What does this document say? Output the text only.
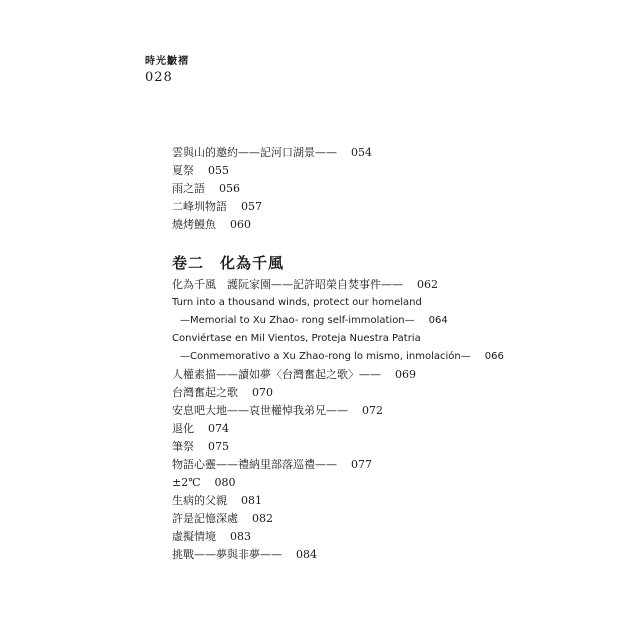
時光皺褶
028
雲與山的邀約——記河口湖景—— 054
夏祭 055
雨之語 056
二峰圳物語 057
燒烤鰻魚 060
卷二　化為千風
化為千風　護阮家園——記許昭榮自焚事件—— 062
Turn into a thousand winds, protect our homeland
—Memorial to Xu Zhao- rong self-immolation— 064
Conviértase en Mil Vientos, Proteja Nuestra Patria
—Conmemorativo a Xu Zhao-rong lo mismo, inmolación— 066
人權素描——讀如夢〈台灣奮起之歌〉—— 069
台灣奮起之歌 070
安息吧大地——哀世權悼我弟兄—— 072
退化 074
筆祭 075
物語心靈——禮納里部落巡禮—— 077
±2℃ 080
生病的父親 081
許是記憶深處 082
虛擬情境 083
挑戰——夢與非夢—— 084
